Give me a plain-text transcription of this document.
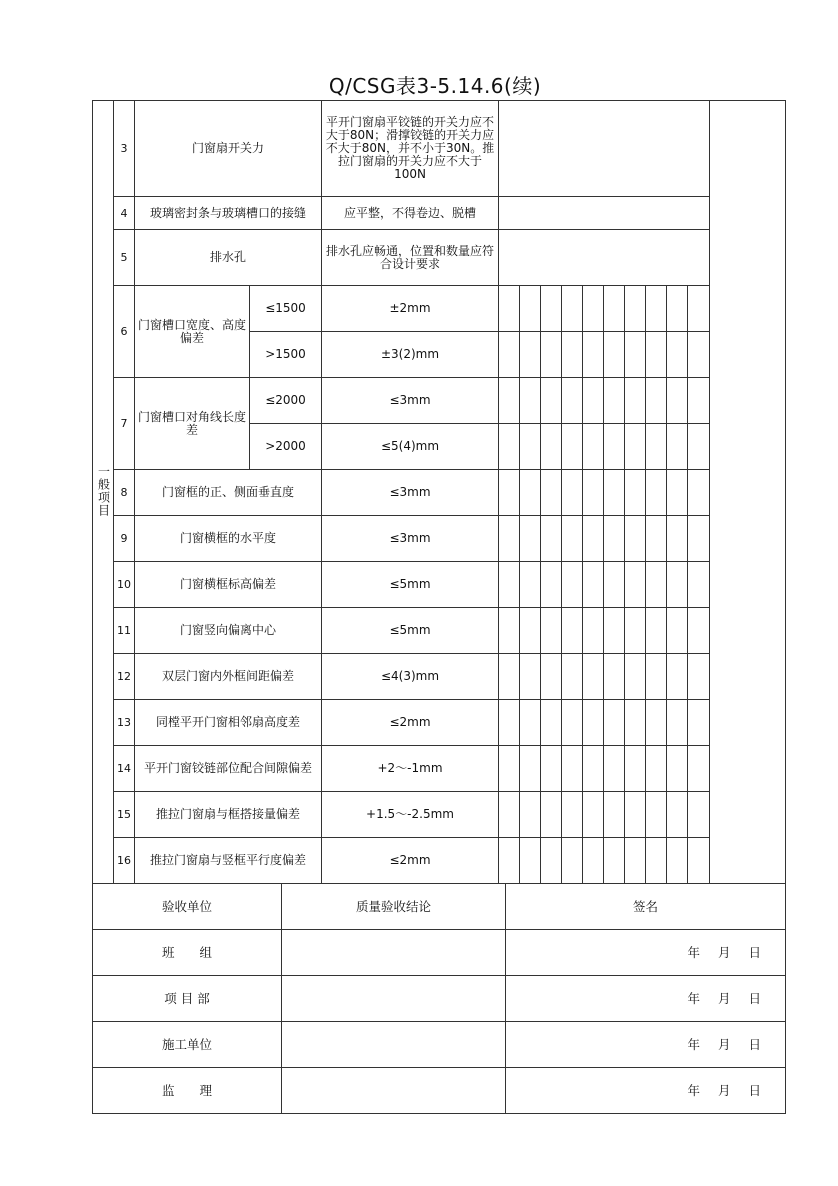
Q/CSG表3-5.14.6(续)
一般项目	3	门窗扇开关力		平开门窗扇平铰链的开关力应不大于80N；滑撑铰链的开关力应不大于80N，并不小于30N。推拉门窗扇的开关力应不大于100N											
	4	玻璃密封条与玻璃槽口的接缝		应平整，不得卷边、脱槽											
	5	排水孔		排水孔应畅通，位置和数量应符合设计要求											
	6	门窗槽口宽度、高度偏差	≤1500	±2mm											
			>1500	±3(2)mm											
	7	门窗槽口对角线长度差	≤2000	≤3mm											
			>2000	≤5(4)mm											
	8	门窗框的正、侧面垂直度		≤3mm											
	9	门窗横框的水平度		≤3mm											
	10	门窗横框标高偏差		≤5mm											
	11	门窗竖向偏离中心		≤5mm											
	12	双层门窗内外框间距偏差		≤4(3)mm											
	13	同樘平开门窗相邻扇高度差		≤2mm											
	14	平开门窗铰链部位配合间隙偏差		+2～-1mm											
	15	推拉门窗扇与框搭接量偏差		+1.5～-2.5mm											
	16	推拉门窗扇与竖框平行度偏差		≤2mm											
验收单位	质量验收结论	签名
班　　组		年 月 日
项 目 部		年 月 日
施工单位		年 月 日
监　　理		年 月 日
